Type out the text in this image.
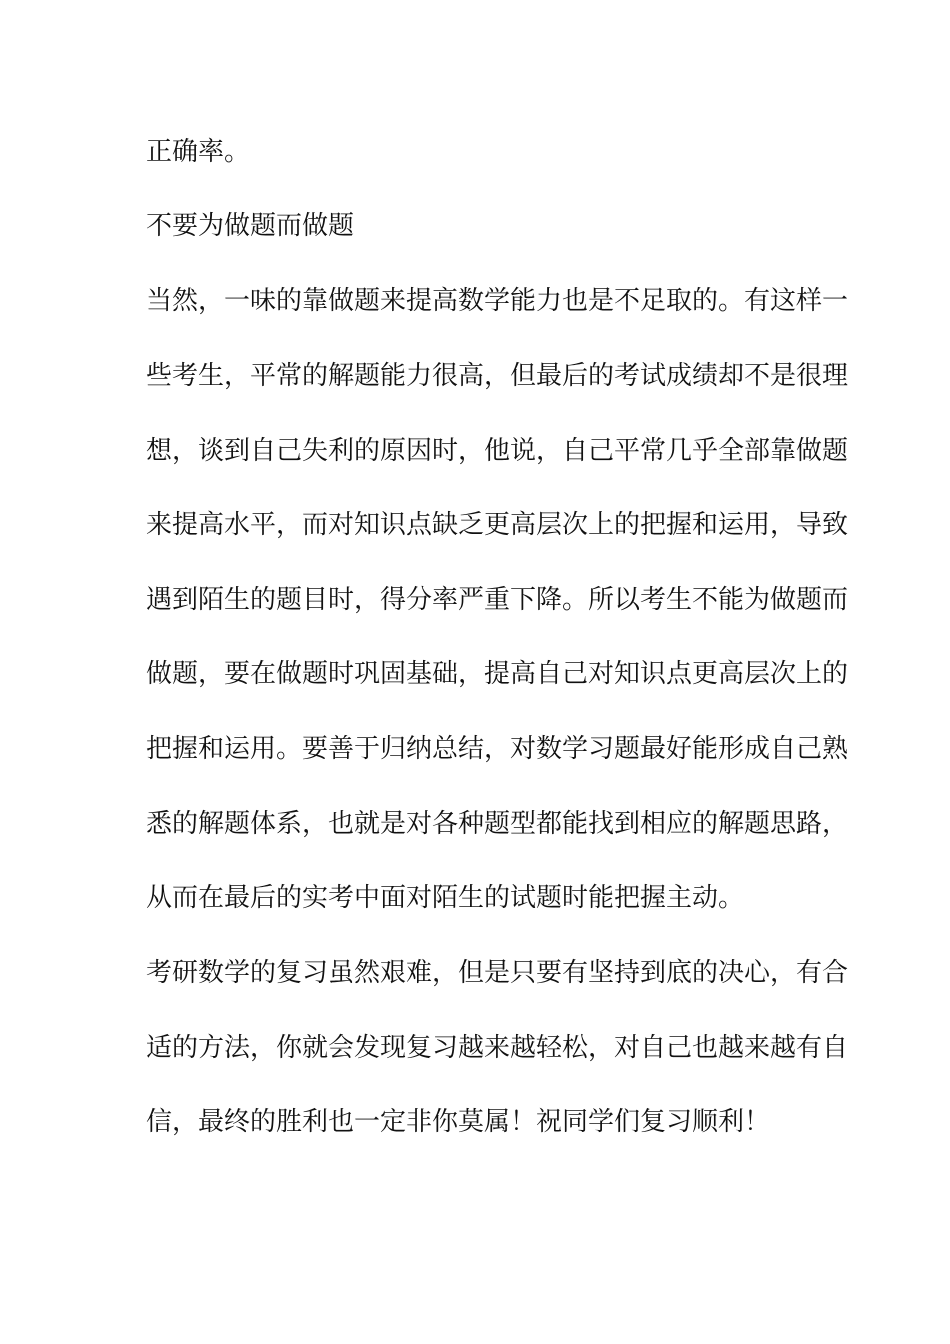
正确率。
不要为做题而做题
当然，一味的靠做题来提高数学能力也是不足取的。有这样一
些考生，平常的解题能力很高，但最后的考试成绩却不是很理
想，谈到自己失利的原因时，他说，自己平常几乎全部靠做题
来提高水平，而对知识点缺乏更高层次上的把握和运用，导致
遇到陌生的题目时，得分率严重下降。所以考生不能为做题而
做题，要在做题时巩固基础，提高自己对知识点更高层次上的
把握和运用。要善于归纳总结，对数学习题最好能形成自己熟
悉的解题体系，也就是对各种题型都能找到相应的解题思路，
从而在最后的实考中面对陌生的试题时能把握主动。
考研数学的复习虽然艰难，但是只要有坚持到底的决心，有合
适的方法，你就会发现复习越来越轻松，对自己也越来越有自
信，最终的胜利也一定非你莫属！祝同学们复习顺利！
